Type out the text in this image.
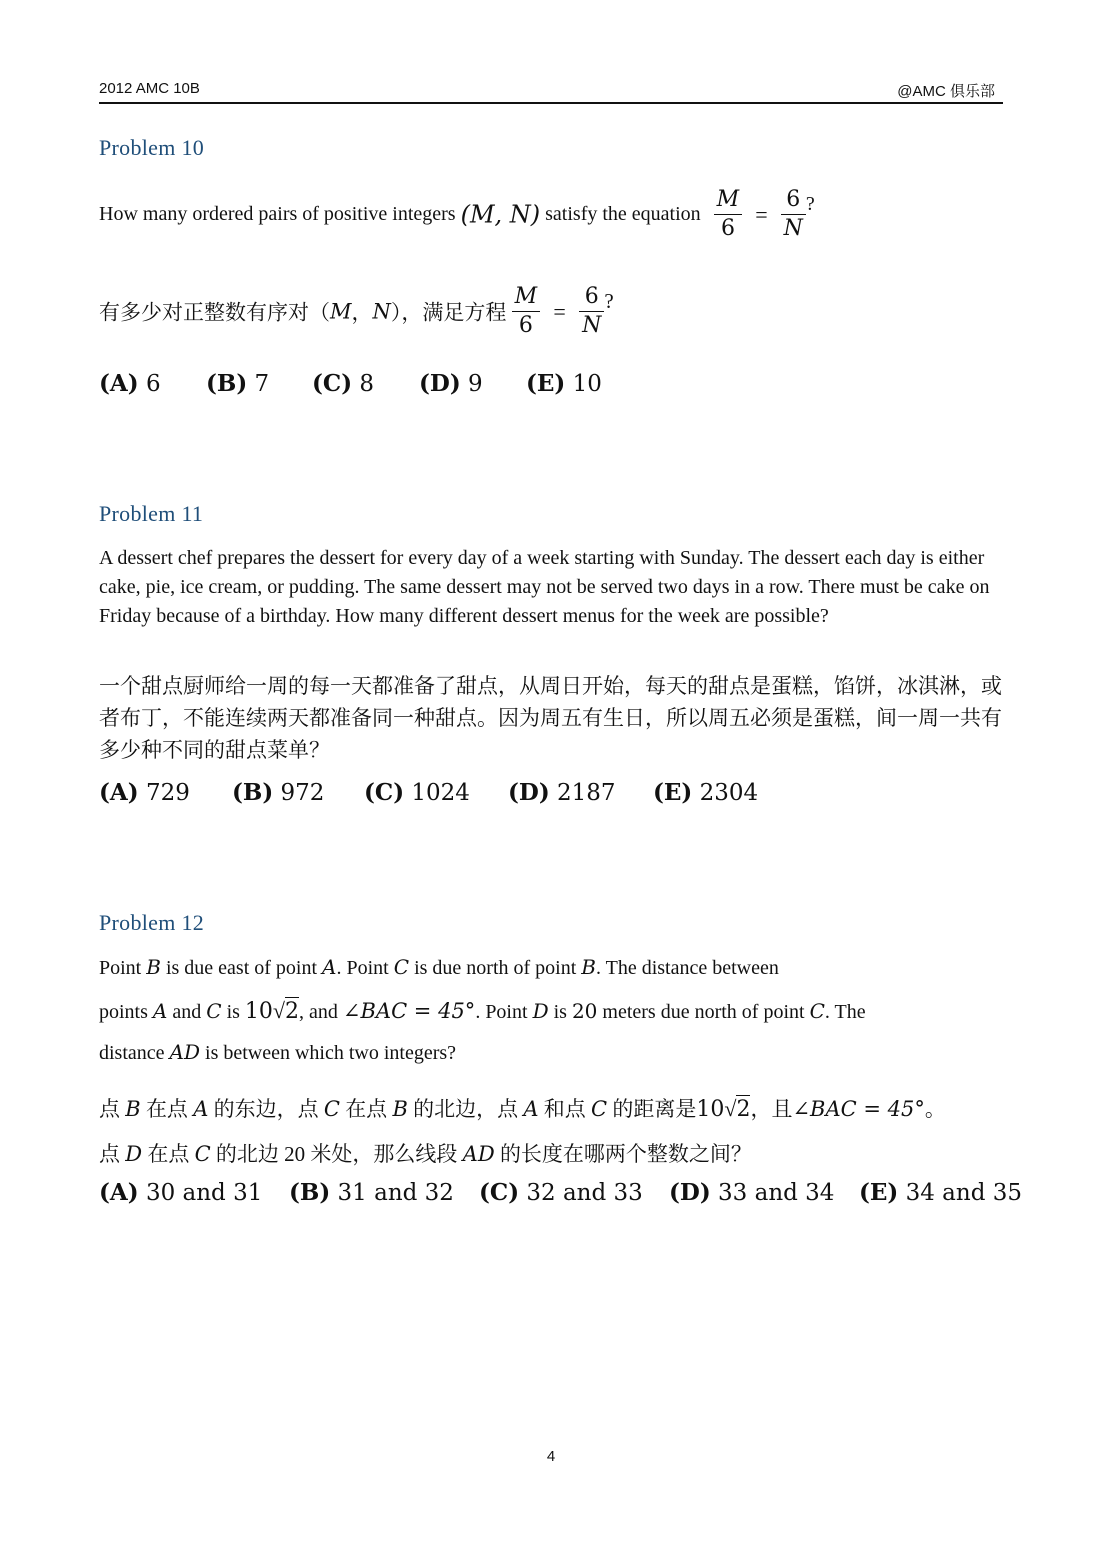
2012 AMC 10B	@AMC 俱乐部
Problem 10
How many ordered pairs of positive integers (M, N) satisfy the equation $\frac{M}{6} = \frac{6}{N}$ ?
有多少对正整数有序对（M，N），满足方程 $\frac{M}{6} = \frac{6}{N}$ ?
(A) 6 (B) 7 (C) 8 (D) 9 (E) 10
Problem 11
A dessert chef prepares the dessert for every day of a week starting with Sunday. The dessert each day is either cake, pie, ice cream, or pudding. The same dessert may not be served two days in a row. There must be cake on Friday because of a birthday. How many different dessert menus for the week are possible?
一个甜点厨师给一周的每一天都准备了甜点，从周日开始，每天的甜点是蛋糕，馅饼，冰淇淋，或者布丁，不能连续两天都准备同一种甜点。因为周五有生日，所以周五必须是蛋糕，间一周一共有多少种不同的甜点菜单？
(A) 729 (B) 972 (C) 1024 (D) 2187 (E) 2304
Problem 12
Point B is due east of point A. Point C is due north of point B. The distance between
points A and C is 10√2, and ∠BAC = 45°. Point D is 20 meters due north of point C. The
distance AD is between which two integers?
点 B 在点 A 的东边，点 C 在点 B 的北边，点 A 和点 C 的距离是10√2，且∠BAC = 45°。
点 D 在点 C 的北边 20 米处，那么线段 AD 的长度在哪两个整数之间？
(A) 30 and 31 (B) 31 and 32 (C) 32 and 33 (D) 33 and 34 (E) 34 and 35
4
